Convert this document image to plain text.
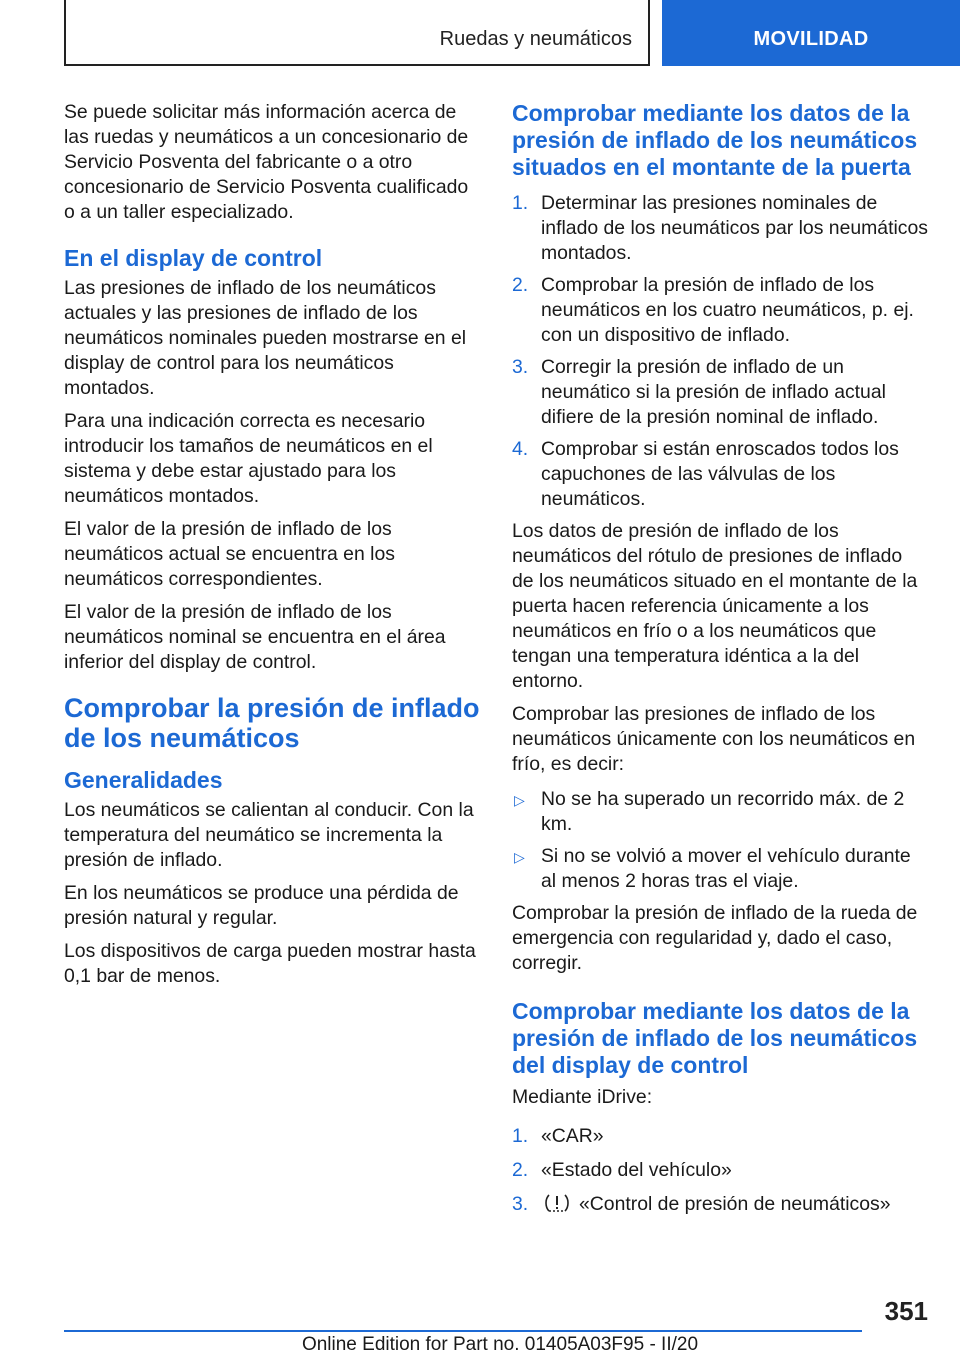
Ruedas y neumáticos	MOVILIDAD

Se puede solicitar más información acerca de las ruedas y neumáticos a un concesionario de Servicio Posventa del fabricante o a otro concesionario de Servicio Posventa cualificado o a un taller especializado.

En el display de control

Las presiones de inflado de los neumáticos actuales y las presiones de inflado de los neumáticos nominales pueden mostrarse en el display de control para los neumáticos montados.

Para una indicación correcta es necesario introducir los tamaños de neumáticos en el sistema y debe estar ajustado para los neumáticos montados.

El valor de la presión de inflado de los neumáticos actual se encuentra en los neumáticos correspondientes.

El valor de la presión de inflado de los neumáticos nominal se encuentra en el área inferior del display de control.

Comprobar la presión de inflado de los neumáticos
Generalidades

Los neumáticos se calientan al conducir. Con la temperatura del neumático se incrementa la presión de inflado.

En los neumáticos se produce una pérdida de presión natural y regular.

Los dispositivos de carga pueden mostrar hasta 0,1 bar de menos.

Comprobar mediante los datos de la presión de inflado de los neumáticos situados en el montante de la puerta
1. Determinar las presiones nominales de inflado de los neumáticos par los neumáticos montados.
2. Comprobar la presión de inflado de los neumáticos en los cuatro neumáticos, p. ej. con un dispositivo de inflado.
3. Corregir la presión de inflado de un neumático si la presión de inflado actual difiere de la presión nominal de inflado.
4. Comprobar si están enroscados todos los capuchones de las válvulas de los neumáticos.

Los datos de presión de inflado de los neumáticos del rótulo de presiones de inflado de los neumáticos situado en el montante de la puerta hacen referencia únicamente a los neumáticos en frío o a los neumáticos que tengan una temperatura idéntica a la del entorno.

Comprobar las presiones de inflado de los neumáticos únicamente con los neumáticos en frío, es decir:

▷ No se ha superado un recorrido máx. de 2 km.
▷ Si no se volvió a mover el vehículo durante al menos 2 horas tras el viaje.

Comprobar la presión de inflado de la rueda de emergencia con regularidad y, dado el caso, corregir.

Comprobar mediante los datos de la presión de inflado de los neumáticos del display de control

Mediante iDrive:

1. «CAR»
2. «Estado del vehículo»
3.	«Control de presión de neumáticos»
351
Online Edition for Part no. 01405A03F95 - II/20
